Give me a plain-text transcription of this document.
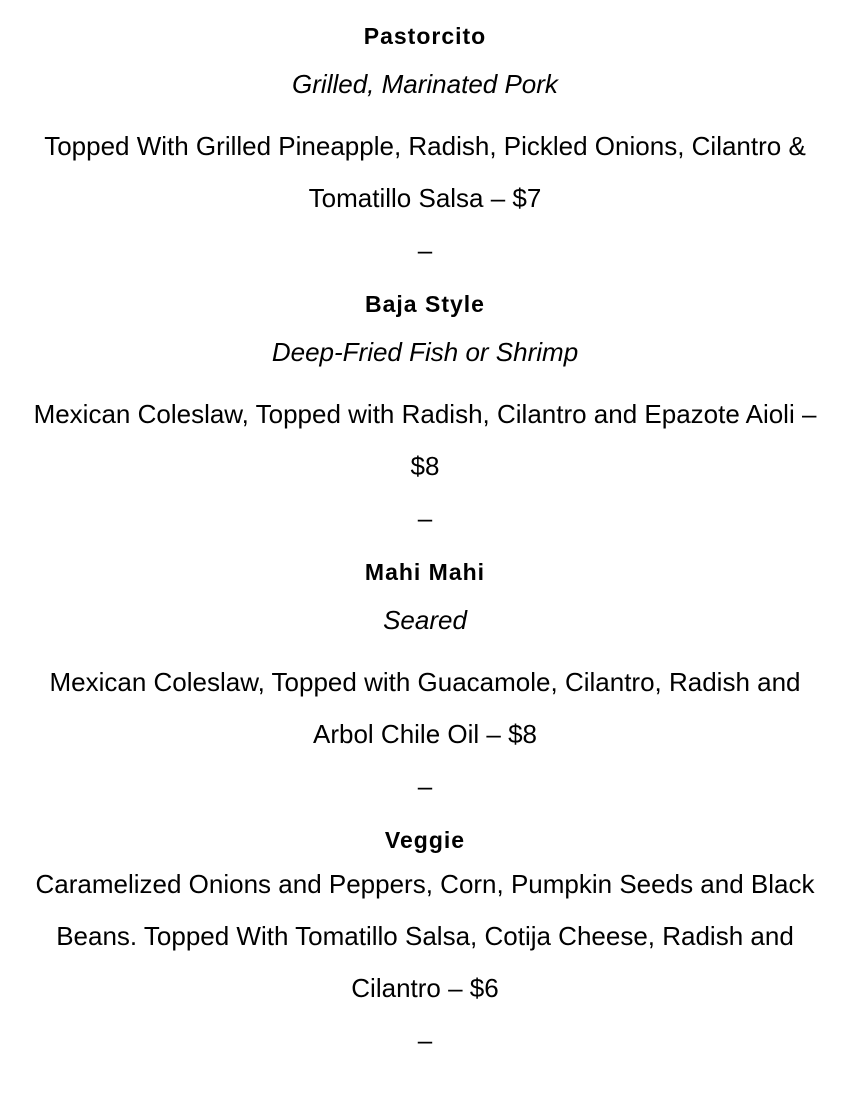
Pastorcito

Grilled, Marinated Pork

Topped With Grilled Pineapple, Radish, Pickled Onions, Cilantro & Tomatillo Salsa – $7

–

Baja Style

Deep-Fried Fish or Shrimp

Mexican Coleslaw, Topped with Radish, Cilantro and Epazote Aioli – $8

–

Mahi Mahi

Seared

Mexican Coleslaw, Topped with Guacamole, Cilantro, Radish and Arbol Chile Oil – $8

–

Veggie

Caramelized Onions and Peppers, Corn, Pumpkin Seeds and Black Beans. Topped With Tomatillo Salsa, Cotija Cheese, Radish and Cilantro – $6

–
